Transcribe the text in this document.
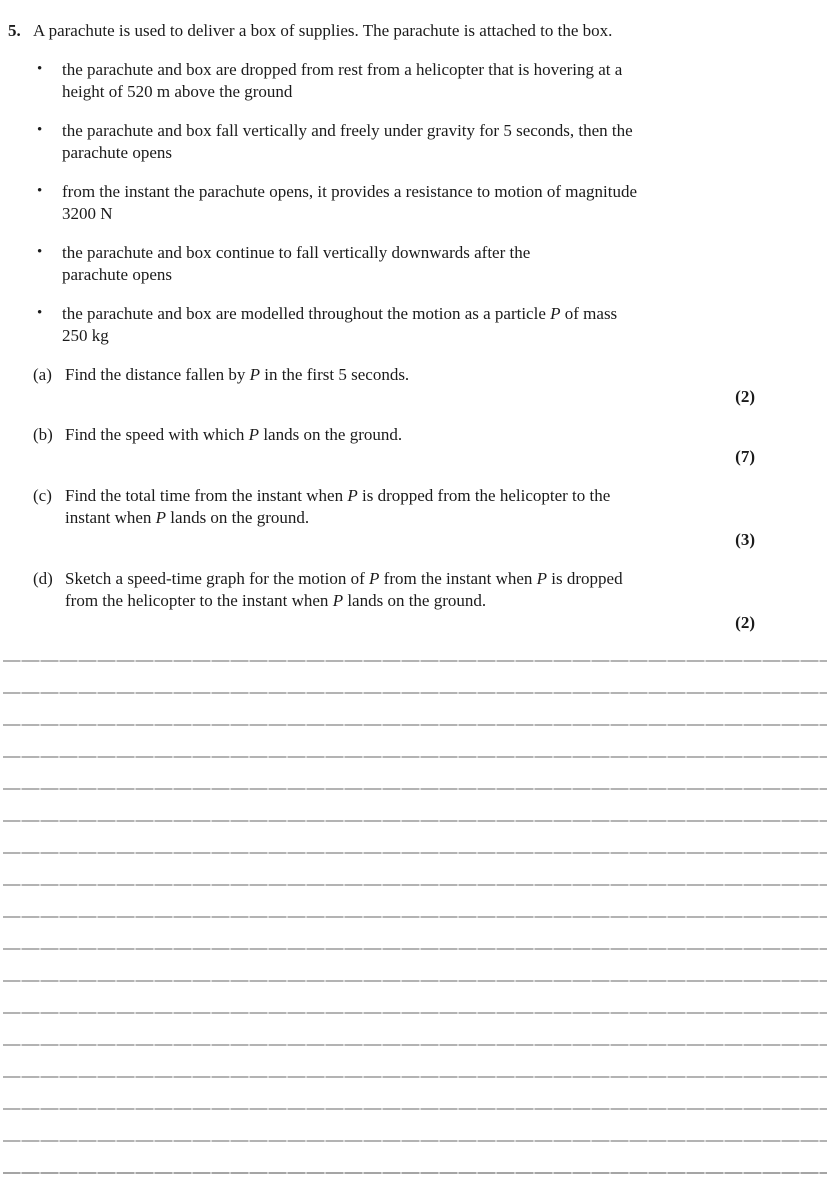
5. A parachute is used to deliver a box of supplies. The parachute is attached to the box.
• the parachute and box are dropped from rest from a helicopter that is hovering at a
height of 520 m above the ground
• the parachute and box fall vertically and freely under gravity for 5 seconds, then the
parachute opens
• from the instant the parachute opens, it provides a resistance to motion of magnitude
3200 N
• the parachute and box continue to fall vertically downwards after the
parachute opens
• the parachute and box are modelled throughout the motion as a particle P of mass
250 kg
(a) Find the distance fallen by P in the first 5 seconds.
(2)
(b) Find the speed with which P lands on the ground.
(7)
(c) Find the total time from the instant when P is dropped from the helicopter to the
instant when P lands on the ground.
(3)
(d) Sketch a speed-time graph for the motion of P from the instant when P is dropped
from the helicopter to the instant when P lands on the ground.
(2)
